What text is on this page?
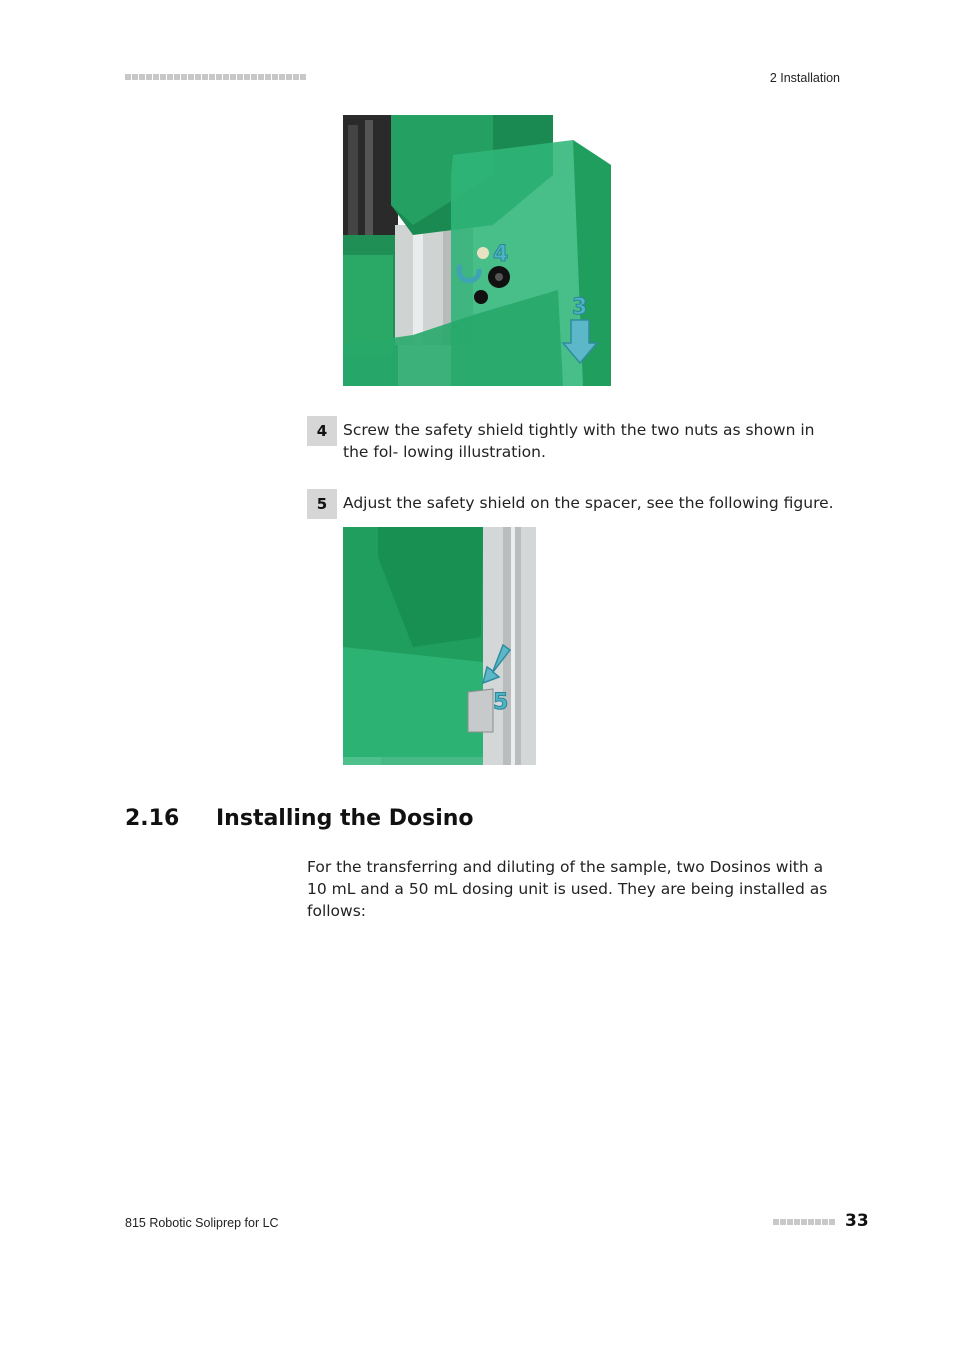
2 Installation
4
3
4	Screw the safety shield tightly with the two nuts as shown in the fol- lowing illustration.
5	Adjust the safety shield on the spacer, see the following figure.
5
2.16 Installing the Dosino
For the transferring and diluting of the sample, two Dosinos with a 10 mL and a 50 mL dosing unit is used. They are being installed as follows:
815 Robotic Soliprep for LC	33
